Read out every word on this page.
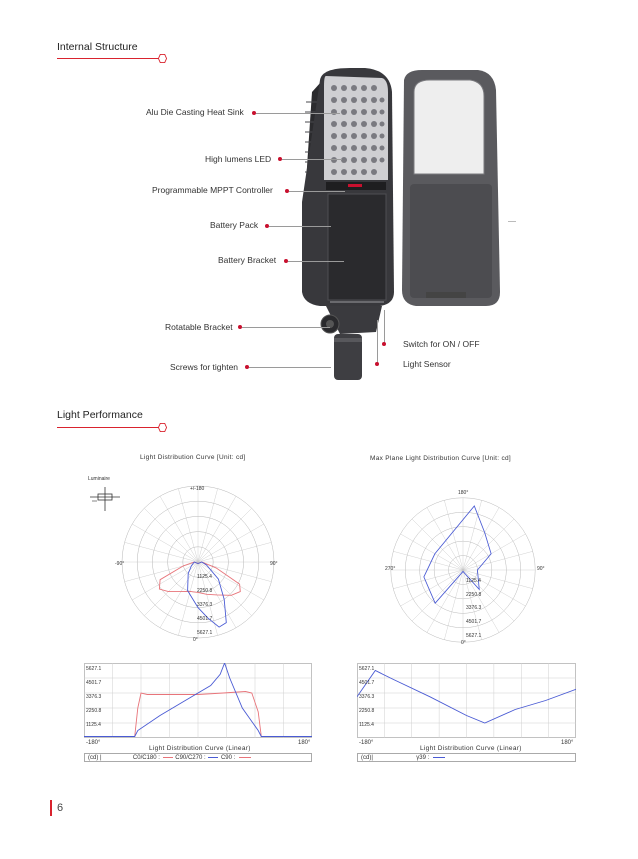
Internal Structure
Alu Die Casting Heat Sink
High lumens LED
Programmable MPPT Controller
Battery Pack
Battery Bracket
Rotatable Bracket
Screws for tighten
Switch for ON / OFF
Light Sensor
Light Performance
Light Distribution Curve [Unit: cd]
Luminaire
+/-180
-90°	90°
0°
1125.4
2250.8
3376.3
4501.7
5627.1
Max Plane Light Distribution Curve [Unit: cd]
180°
270°	90°
0°
1125.4
2250.8
3376.3
4501.7
5627.1
5627.1
4501.7
3376.3
2250.8
1125.4
-180°	180°
Light Distribution Curve (Linear)
(cd) |	C0/C180 :	C90/C270 :	C90 :
5627.1
4501.7
3376.3
2250.8
1125.4
-180°	180°
Light Distribution Curve (Linear)
(cd)|	γ39 :
6
